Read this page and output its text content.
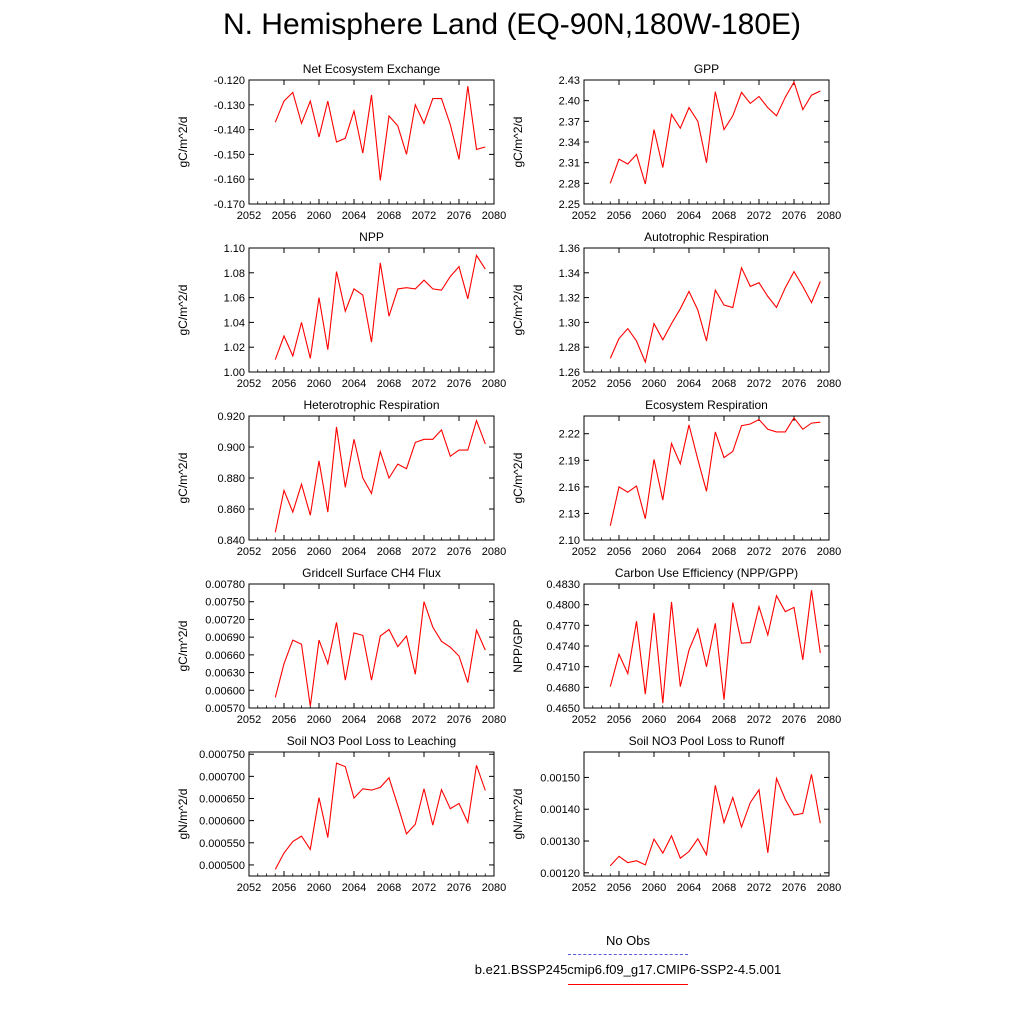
N. Hemisphere Land (EQ-90N,180W-180E)
Net Ecosystem Exchange
gC/m^2/d
2052 2056 2060 2064 2068 2072 2076 2080
-0.170
-0.160
-0.150
-0.140
-0.130
-0.120
GPP
gC/m^2/d
2052 2056 2060 2064 2068 2072 2076 2080
2.25
2.28
2.31
2.34
2.37
2.40
2.43
NPP
gC/m^2/d
2052 2056 2060 2064 2068 2072 2076 2080
1.00
1.02
1.04
1.06
1.08
1.10
Autotrophic Respiration
gC/m^2/d
2052 2056 2060 2064 2068 2072 2076 2080
1.26
1.28
1.30
1.32
1.34
1.36
Heterotrophic Respiration
gC/m^2/d
2052 2056 2060 2064 2068 2072 2076 2080
0.840
0.860
0.880
0.900
0.920
Ecosystem Respiration
gC/m^2/d
2052 2056 2060 2064 2068 2072 2076 2080
2.10
2.13
2.16
2.19
2.22
Gridcell Surface CH4 Flux
gC/m^2/d
2052 2056 2060 2064 2068 2072 2076 2080
0.00570
0.00600
0.00630
0.00660
0.00690
0.00720
0.00750
0.00780
Carbon Use Efficiency (NPP/GPP)
NPP/GPP
2052 2056 2060 2064 2068 2072 2076 2080
0.4650
0.4680
0.4710
0.4740
0.4770
0.4800
0.4830
Soil NO3 Pool Loss to Leaching
gN/m^2/d
2052 2056 2060 2064 2068 2072 2076 2080
0.000500
0.000550
0.000600
0.000650
0.000700
0.000750
Soil NO3 Pool Loss to Runoff
gN/m^2/d
2052 2056 2060 2064 2068 2072 2076 2080
0.00120
0.00130
0.00140
0.00150
No Obs
b.e21.BSSP245cmip6.f09_g17.CMIP6-SSP2-4.5.001
